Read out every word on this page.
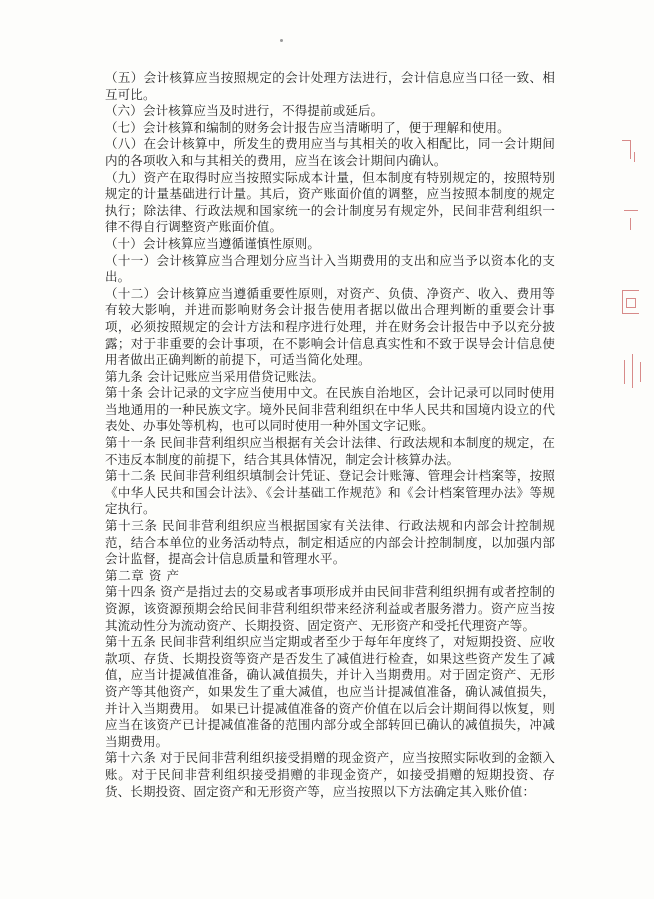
（五）会计核算应当按照规定的会计处理方法进行，会计信息应当口径一致、相互可比。

（六）会计核算应当及时进行，不得提前或延后。

（七）会计核算和编制的财务会计报告应当清晰明了，便于理解和使用。

（八）在会计核算中，所发生的费用应当与其相关的收入相配比，同一会计期间内的各项收入和与其相关的费用，应当在该会计期间内确认。

（九）资产在取得时应当按照实际成本计量，但本制度有特别规定的，按照特别规定的计量基础进行计量。其后，资产账面价值的调整，应当按照本制度的规定执行；除法律、行政法规和国家统一的会计制度另有规定外，民间非营利组织一律不得自行调整资产账面价值。

（十）会计核算应当遵循谨慎性原则。

（十一）会计核算应当合理划分应当计入当期费用的支出和应当予以资本化的支出。

（十二）会计核算应当遵循重要性原则，对资产、负债、净资产、收入、费用等有较大影响，并进而影响财务会计报告使用者据以做出合理判断的重要会计事项，必须按照规定的会计方法和程序进行处理，并在财务会计报告中予以充分披露；对于非重要的会计事项，在不影响会计信息真实性和不致于误导会计信息使用者做出正确判断的前提下，可适当简化处理。

第九条 会计记账应当采用借贷记账法。

第十条 会计记录的文字应当使用中文。在民族自治地区，会计记录可以同时使用当地通用的一种民族文字。境外民间非营利组织在中华人民共和国境内设立的代表处、办事处等机构，也可以同时使用一种外国文字记账。

第十一条 民间非营利组织应当根据有关会计法律、行政法规和本制度的规定，在不违反本制度的前提下，结合其具体情况，制定会计核算办法。

第十二条 民间非营利组织填制会计凭证、登记会计账簿、管理会计档案等，按照《中华人民共和国会计法》、《会计基础工作规范》和《会计档案管理办法》等规定执行。

第十三条 民间非营利组织应当根据国家有关法律、行政法规和内部会计控制规范，结合本单位的业务活动特点，制定相适应的内部会计控制制度，以加强内部会计监督，提高会计信息质量和管理水平。

第二章 资 产

第十四条 资产是指过去的交易或者事项形成并由民间非营利组织拥有或者控制的资源，该资源预期会给民间非营利组织带来经济利益或者服务潜力。资产应当按其流动性分为流动资产、长期投资、固定资产、无形资产和受托代理资产等。

第十五条 民间非营利组织应当定期或者至少于每年年度终了，对短期投资、应收款项、存货、长期投资等资产是否发生了减值进行检查，如果这些资产发生了减值，应当计提减值准备，确认减值损失，并计入当期费用。对于固定资产、无形资产等其他资产，如果发生了重大减值，也应当计提减值准备，确认减值损失，并计入当期费用。 如果已计提减值准备的资产价值在以后会计期间得以恢复，则应当在该资产已计提减值准备的范围内部分或全部转回已确认的减值损失，冲减当期费用。

第十六条 对于民间非营利组织接受捐赠的现金资产，应当按照实际收到的金额入账。对于民间非营利组织接受捐赠的非现金资产，如接受捐赠的短期投资、存货、长期投资、固定资产和无形资产等，应当按照以下方法确定其入账价值：
